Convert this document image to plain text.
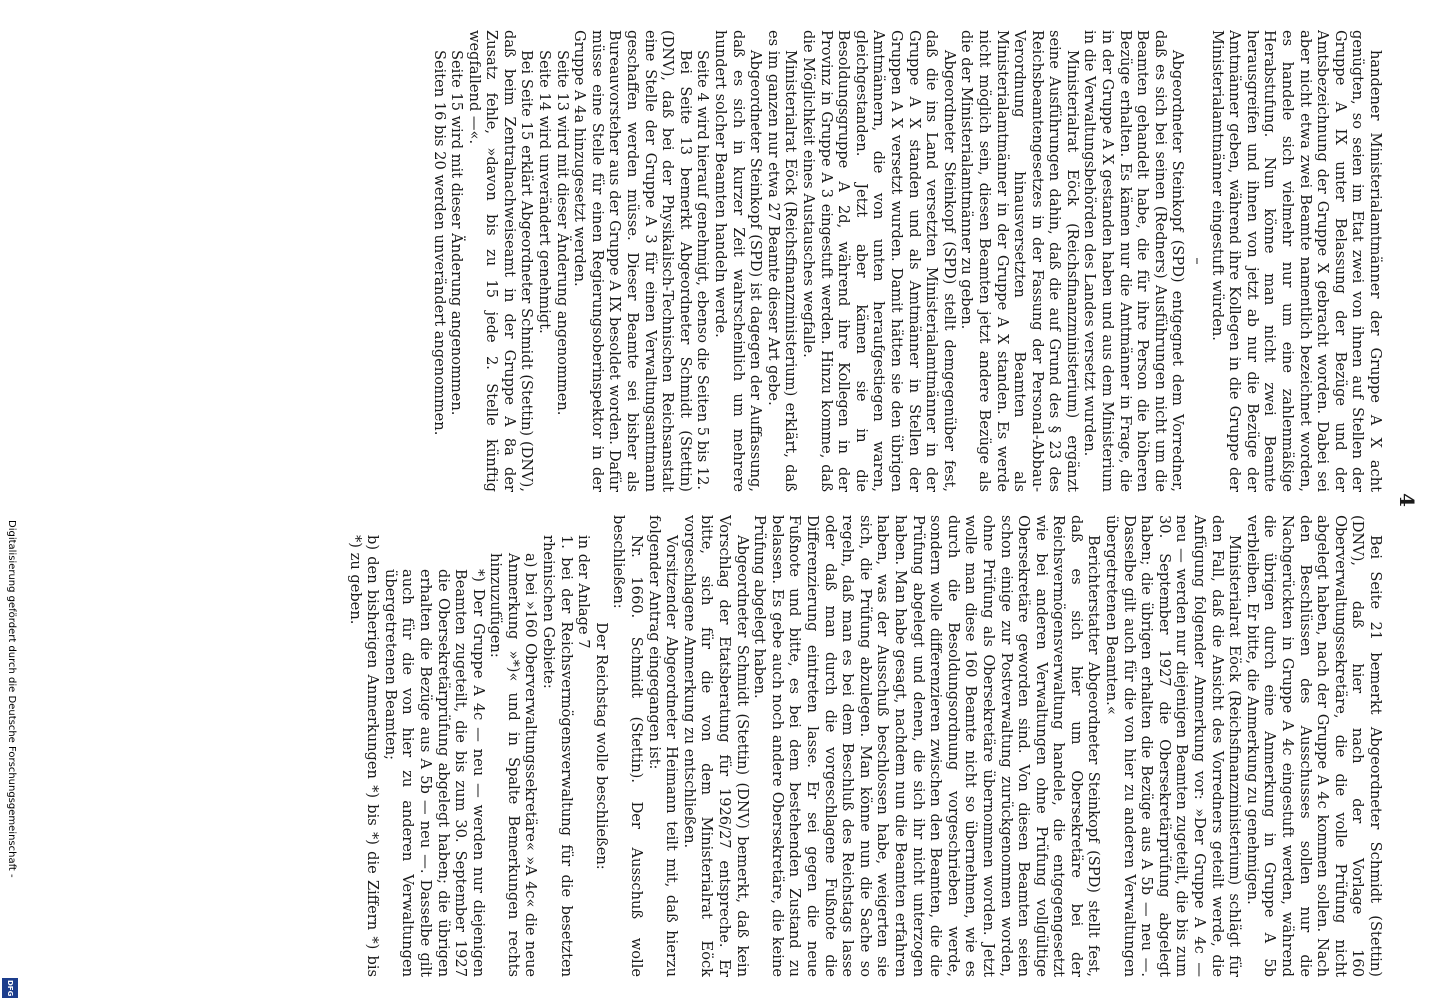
4

handener Ministerialamtmänner der Gruppe A X acht genügten, so seien im Etat zwei von ihnen auf Stellen der Gruppe A IX unter Belassung der Bezüge und der Amtsbezeichnung der Gruppe X gebracht worden. Dabei sei aber nicht etwa zwei Beamte namentlich bezeichnet worden, es handele sich vielmehr nur um eine zahlenmäßige Herabstufung. Nun könne man nicht zwei Beamte herausgreifen und ihnen von jetzt ab nur die Bezüge der Amtmänner geben, während ihre Kollegen in die Gruppe der Ministerialamtmänner eingestuft würden.

–

Abgeordneter Steinkopf (SPD) entgegnet dem Vorredner, daß es sich bei seinen (Redners) Ausführungen nicht um die Beamten gehandelt habe, die für ihre Person die höheren Bezüge erhalten. Es kämen nur die Amtmänner in Frage, die in der Gruppe A X gestanden haben und aus dem Ministerium in die Verwaltungsbehörden des Landes versetzt wurden.

Ministerialrat Eöck (Reichsfinanzministerium) ergänzt seine Ausführungen dahin, daß die auf Grund des § 23 des Reichsbeamtengesetzes in der Fassung der Personal-Abbau-Verordnung hinausversetzten Beamten als Ministerialamtmänner in der Gruppe A X standen. Es werde nicht möglich sein, diesen Beamten jetzt andere Bezüge als die der Ministerialamtmänner zu geben.

Abgeordneter Steinkopf (SPD) stellt demgegenüber fest, daß die ins Land versetzten Ministerialamtmänner in der Gruppe A X standen und als Amtmänner in Stellen der Gruppen A X versetzt wurden. Damit hätten sie den übrigen Amtmännern, die von unten heraufgestiegen waren, gleichgestanden. Jetzt aber kämen sie in die Besoldungsgruppe A 2d, während ihre Kollegen in der Provinz in Gruppe A 3 eingestuft werden. Hinzu komme, daß die Möglichkeit eines Austausches wegfalle.

Ministerialrat Eöck (Reichsfinanzministerium) erklärt, daß es im ganzen nur etwa 27 Beamte dieser Art gebe.

Abgeordneter Steinkopf (SPD) ist dagegen der Auffassung, daß es sich in kurzer Zeit wahrscheinlich um mehrere hundert solcher Beamten handeln werde.

Seite 4 wird hierauf genehmigt, ebenso die Seiten 5 bis 12.

Bei Seite 13 bemerkt Abgeordneter Schmidt (Stettin) (DNV), daß bei der Physikalisch-Technischen Reichsanstalt eine Stelle der Gruppe A 3 für einen Verwaltungsamtmann geschaffen werden müsse. Dieser Beamte sei bisher als Bureauvorsteher aus der Gruppe A IX besoldet worden. Dafür müsse eine Stelle für einen Regierungsoberinspektor in der Gruppe A 4a hinzugesetzt werden.

Seite 13 wird mit dieser Änderung angenommen.

Seite 14 wird unverändert genehmigt.

Bei Seite 15 erklärt Abgeordneter Schmidt (Stettin) (DNV), daß beim Zentralnachweiseamt in der Gruppe A 8a der Zusatz fehle, »davon bis zu 15 jede 2. Stelle künftig wegfallend —«.

Seite 15 wird mit dieser Änderung angenommen.

Seiten 16 bis 20 werden unverändert angenommen.

Bei Seite 21 bemerkt Abgeordneter Schmidt (Stettin) (DNV), daß hier nach der Vorlage 160 Oberverwaltungssekretäre, die die volle Prüfung nicht abgelegt haben, nach der Gruppe A 4c kommen sollen. Nach den Beschlüssen des Ausschusses sollen nur die Nachgerückten in Gruppe A 4c eingestuft werden, während die übrigen durch eine Anmerkung in Gruppe A 5b verbleiben. Er bitte, die Anmerkung zu genehmigen.

Ministerialrat Eöck (Reichsfinanzministerium) schlägt für den Fall, daß die Ansicht des Vorredners geteilt werde, die Anfügung folgender Anmerkung vor: »Der Gruppe A 4c — neu — werden nur diejenigen Beamten zugeteilt, die bis zum 30. September 1927 die Obersekretärprüfung abgelegt haben; die übrigen erhalten die Bezüge aus A 5b — neu —. Dasselbe gilt auch für die von hier zu anderen Verwaltungen übergetretenen Beamten.«

Berichterstatter Abgeordneter Steinkopf (SPD) stellt fest, daß es sich hier um Obersekretäre bei der Reichsvermögensverwaltung handele, die entgegengesetzt wie bei anderen Verwaltungen ohne Prüfung vollgültige Obersekretäre geworden sind. Von diesen Beamten seien schon einige zur Postverwaltung zurückgenommen worden, ohne Prüfung als Obersekretäre übernommen worden. Jetzt wolle man diese 160 Beamte nicht so übernehmen, wie es durch die Besoldungsordnung vorgeschrieben werde, sondern wolle differenzieren zwischen den Beamten, die die Prüfung abgelegt und denen, die sich ihr nicht unterzogen haben. Man habe gesagt, nachdem nun die Beamten erfahren haben, was der Ausschuß beschlossen habe, weigerten sie sich, die Prüfung abzulegen. Man könne nun die Sache so regeln, daß man es bei dem Beschluß des Reichstags lasse oder daß man durch die vorgeschlagene Fußnote die Differenzierung eintreten lasse. Er sei gegen die neue Fußnote und bitte, es bei dem bestehenden Zustand zu belassen. Es gebe auch noch andere Obersekretäre, die keine Prüfung abgelegt haben.

Abgeordneter Schmidt (Stettin) (DNV) bemerkt, daß kein Vorschlag der Etatsberatung für 1926/27 entspreche. Er bitte, sich für die von dem Ministerialrat Eöck vorgeschlagene Anmerkung zu entschließen.

Vorsitzender Abgeordneter Heimann teilt mit, daß hierzu folgender Antrag eingegangen ist:

Nr. 1660. Schmidt (Stettin). Der Ausschuß wolle beschließen:

Der Reichstag wolle beschließen:

in der Anlage 7

1. bei der Reichsvermögensverwaltung für die besetzten rheinischen Gebiete:

a) bei »160 Oberverwaltungssekretäre« »A 4c« die neue Anmerkung »*)« und in Spalte Bemerkungen rechts hinzuzufügen:

*) Der Gruppe A 4c — neu — werden nur diejenigen Beamten zugeteilt, die bis zum 30. September 1927 die Obersekretärprüfung abgelegt haben; die übrigen erhalten die Bezüge aus A 5b — neu —. Dasselbe gilt auch für die von hier zu anderen Verwaltungen übergetretenen Beamten;

b) den bisherigen Anmerkungen *) bis *) die Ziffern *) bis *) zu geben.

Digitalisierung gefördert durch die Deutsche Forschungsgemeinschaft -
DFG
